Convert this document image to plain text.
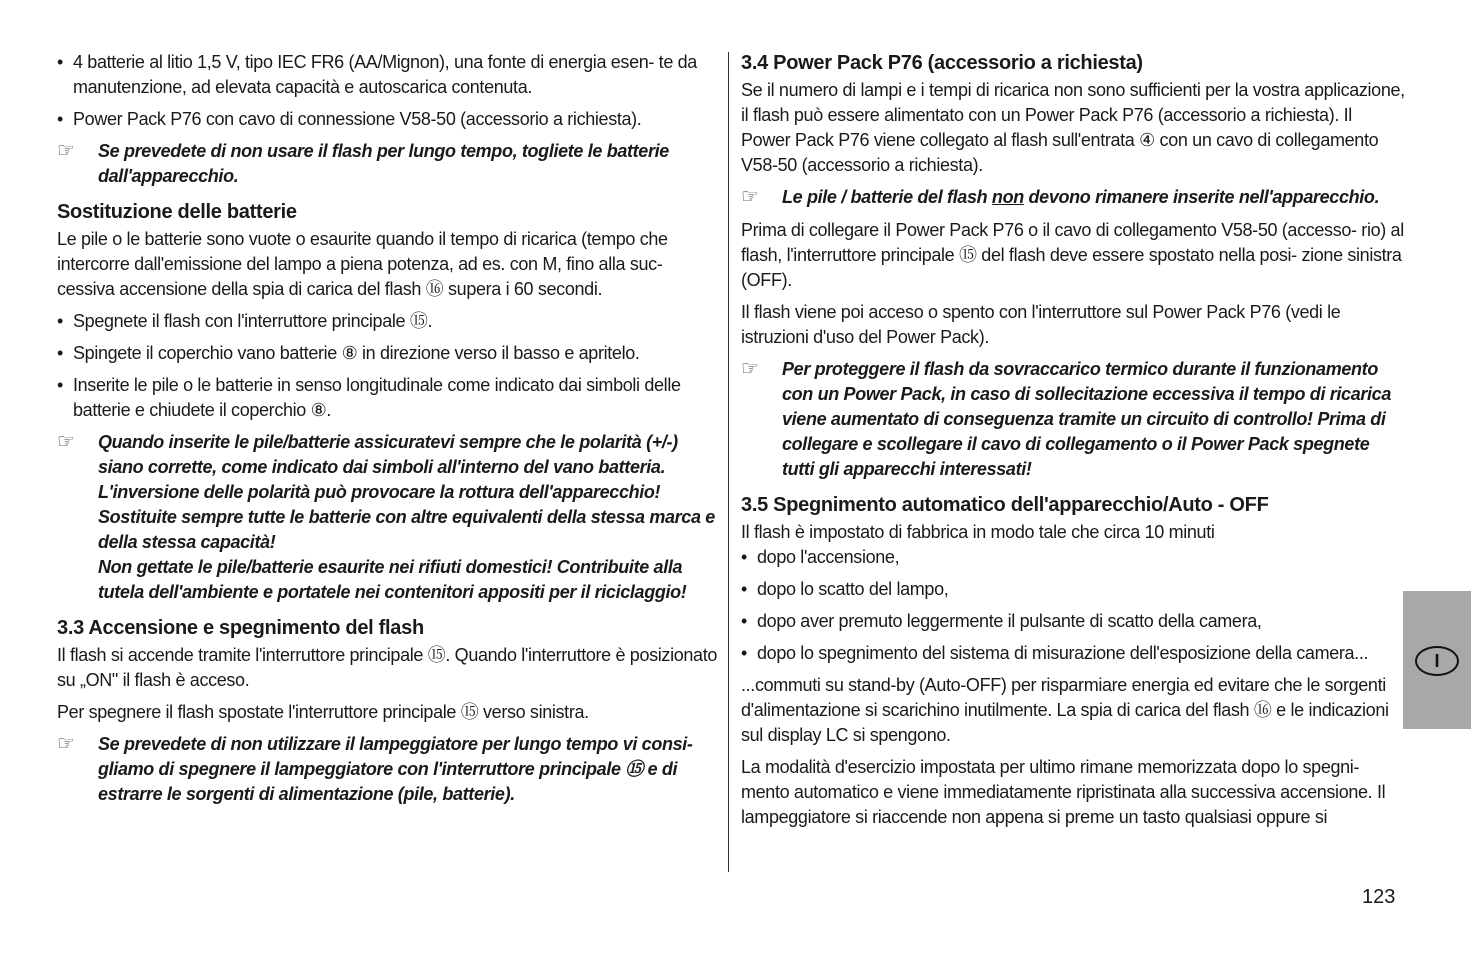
• 4 batterie al litio 1,5 V, tipo IEC FR6 (AA/Mignon), una fonte di energia esen- te da manutenzione, ad elevata capacità e autoscarica contenuta.
• Power Pack P76 con cavo di connessione V58-50 (accessorio a richiesta).
☞ Se prevedete di non usare il flash per lungo tempo, togliete le batterie dall'apparecchio.
Sostituzione delle batterie

Le pile o le batterie sono vuote o esaurite quando il tempo di ricarica (tempo che intercorre dall'emissione del lampo a piena potenza, ad es. con M, fino alla suc- cessiva accensione della spia di carica del flash ⑯ supera i 60 secondi.

• Spegnete il flash con l'interruttore principale ⑮.
• Spingete il coperchio vano batterie ⑧ in direzione verso il basso e apritelo.
• Inserite le pile o le batterie in senso longitudinale come indicato dai simboli delle batterie e chiudete il coperchio ⑧.
☞ Quando inserite le pile/batterie assicuratevi sempre che le polarità (+/-) siano corrette, come indicato dai simboli all'interno del vano batteria. L'inversione delle polarità può provocare la rottura dell'apparecchio! Sostituite sempre tutte le batterie con altre equivalenti della stessa marca e della stessa capacità!
Non gettate le pile/batterie esaurite nei rifiuti domestici! Contribuite alla tutela dell'ambiente e portatele nei contenitori appositi per il riciclaggio!
3.3 Accensione e spegnimento del flash

Il flash si accende tramite l'interruttore principale ⑮. Quando l'interruttore è posizionato su „ON" il flash è acceso.

Per spegnere il flash spostate l'interruttore principale ⑮ verso sinistra.

☞ Se prevedete di non utilizzare il lampeggiatore per lungo tempo vi consi- gliamo di spegnere il lampeggiatore con l'interruttore principale ⑮ e di estrarre le sorgenti di alimentazione (pile, batterie).
3.4 Power Pack P76 (accessorio a richiesta)

Se il numero di lampi e i tempi di ricarica non sono sufficienti per la vostra applicazione, il flash può essere alimentato con un Power Pack P76 (accessorio a richiesta). Il Power Pack P76 viene collegato al flash sull'entrata ④ con un cavo di collegamento V58-50 (accessorio a richiesta).

☞ Le pile / batterie del flash non devono rimanere inserite nell'apparecchio.

Prima di collegare il Power Pack P76 o il cavo di collegamento V58-50 (accesso- rio) al flash, l'interruttore principale ⑮ del flash deve essere spostato nella posi- zione sinistra (OFF).

Il flash viene poi acceso o spento con l'interruttore sul Power Pack P76 (vedi le istruzioni d'uso del Power Pack).

☞ Per proteggere il flash da sovraccarico termico durante il funzionamento con un Power Pack, in caso di sollecitazione eccessiva il tempo di ricarica viene aumentato di conseguenza tramite un circuito di controllo! Prima di collegare e scollegare il cavo di collegamento o il Power Pack spegnete tutti gli apparecchi interessati!
3.5 Spegnimento automatico dell'apparecchio/Auto - OFF

Il flash è impostato di fabbrica in modo tale che circa 10 minuti

• dopo l'accensione,
• dopo lo scatto del lampo,
• dopo aver premuto leggermente il pulsante di scatto della camera,
• dopo lo spegnimento del sistema di misurazione dell'esposizione della camera...

...commuti su stand-by (Auto-OFF) per risparmiare energia ed evitare che le sorgenti d'alimentazione si scarichino inutilmente. La spia di carica del flash ⑯ e le indicazioni sul display LC si spengono.

La modalità d'esercizio impostata per ultimo rimane memorizzata dopo lo spegni- mento automatico e viene immediatamente ripristinata alla successiva accensione. Il lampeggiatore si riaccende non appena si preme un tasto qualsiasi oppure si

I
123
